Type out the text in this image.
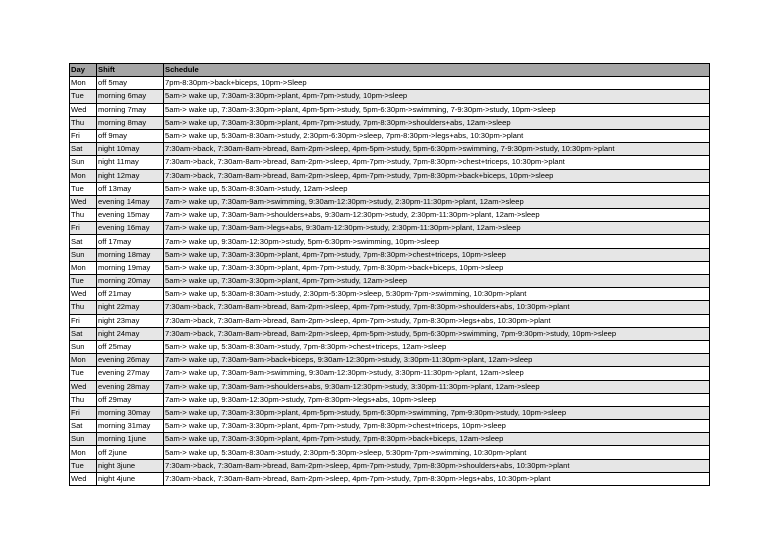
Day	Shift	Schedule
Mon	off 5may	7pm-8:30pm->back+biceps, 10pm->Sleep
Tue	morning 6may	5am-> wake up, 7:30am-3:30pm->plant, 4pm-7pm->study, 10pm->sleep
Wed	morning 7may	5am-> wake up, 7:30am-3:30pm->plant, 4pm-5pm->study, 5pm-6:30pm->swimming, 7-9:30pm->study, 10pm->sleep
Thu	morning 8may	5am-> wake up, 7:30am-3:30pm->plant, 4pm-7pm->study, 7pm-8:30pm->shoulders+abs, 12am->sleep
Fri	off 9may	5am-> wake up, 5:30am-8:30am->study, 2:30pm-6:30pm->sleep, 7pm-8:30pm->legs+abs, 10:30pm->plant
Sat	night 10may	7:30am->back, 7:30am-8am->bread, 8am-2pm->sleep, 4pm-5pm->study, 5pm-6:30pm->swimming, 7-9:30pm->study, 10:30pm->plant
Sun	night 11may	7:30am->back, 7:30am-8am->bread, 8am-2pm->sleep, 4pm-7pm->study, 7pm-8:30pm->chest+triceps, 10:30pm->plant
Mon	night 12may	7:30am->back, 7:30am-8am->bread, 8am-2pm->sleep, 4pm-7pm->study, 7pm-8:30pm->back+biceps, 10pm->sleep
Tue	off 13may	5am-> wake up, 5:30am-8:30am->study, 12am->sleep
Wed	evening 14may	7am-> wake up, 7:30am-9am->swimming, 9:30am-12:30pm->study, 2:30pm-11:30pm->plant, 12am->sleep
Thu	evening 15may	7am-> wake up, 7:30am-9am->shoulders+abs, 9:30am-12:30pm->study, 2:30pm-11:30pm->plant, 12am->sleep
Fri	evening 16may	7am-> wake up, 7:30am-9am->legs+abs, 9:30am-12:30pm->study, 2:30pm-11:30pm->plant, 12am->sleep
Sat	off 17may	7am-> wake up, 9:30am-12:30pm->study, 5pm-6:30pm->swimming, 10pm->sleep
Sun	morning 18may	5am-> wake up, 7:30am-3:30pm->plant, 4pm-7pm->study, 7pm-8:30pm->chest+triceps, 10pm->sleep
Mon	morning 19may	5am-> wake up, 7:30am-3:30pm->plant, 4pm-7pm->study, 7pm-8:30pm->back+biceps, 10pm->sleep
Tue	morning 20may	5am-> wake up, 7:30am-3:30pm->plant, 4pm-7pm->study, 12am->sleep
Wed	off 21may	5am-> wake up, 5:30am-8:30am->study, 2:30pm-5:30pm->sleep, 5:30pm-7pm->swimming, 10:30pm->plant
Thu	night 22may	7:30am->back, 7:30am-8am->bread, 8am-2pm->sleep, 4pm-7pm->study, 7pm-8:30pm->shoulders+abs, 10:30pm->plant
Fri	night 23may	7:30am->back, 7:30am-8am->bread, 8am-2pm->sleep, 4pm-7pm->study, 7pm-8:30pm->legs+abs, 10:30pm->plant
Sat	night 24may	7:30am->back, 7:30am-8am->bread, 8am-2pm->sleep, 4pm-5pm->study, 5pm-6:30pm->swimming, 7pm-9:30pm->study, 10pm->sleep
Sun	off 25may	5am-> wake up, 5:30am-8:30am->study, 7pm-8:30pm->chest+triceps, 12am->sleep
Mon	evening 26may	7am-> wake up, 7:30am-9am->back+biceps, 9:30am-12:30pm->study, 3:30pm-11:30pm->plant, 12am->sleep
Tue	evening 27may	7am-> wake up, 7:30am-9am->swimming, 9:30am-12:30pm->study, 3:30pm-11:30pm->plant, 12am->sleep
Wed	evening 28may	7am-> wake up, 7:30am-9am->shoulders+abs, 9:30am-12:30pm->study, 3:30pm-11:30pm->plant, 12am->sleep
Thu	off 29may	7am-> wake up, 9:30am-12:30pm->study, 7pm-8:30pm->legs+abs, 10pm->sleep
Fri	morning 30may	5am-> wake up, 7:30am-3:30pm->plant, 4pm-5pm->study, 5pm-6:30pm->swimming, 7pm-9:30pm->study, 10pm->sleep
Sat	morning 31may	5am-> wake up, 7:30am-3:30pm->plant, 4pm-7pm->study, 7pm-8:30pm->chest+triceps, 10pm->sleep
Sun	morning 1june	5am-> wake up, 7:30am-3:30pm->plant, 4pm-7pm->study, 7pm-8:30pm->back+biceps, 12am->sleep
Mon	off 2june	5am-> wake up, 5:30am-8:30am->study, 2:30pm-5:30pm->sleep, 5:30pm-7pm->swimming, 10:30pm->plant
Tue	night 3june	7:30am->back, 7:30am-8am->bread, 8am-2pm->sleep, 4pm-7pm->study, 7pm-8:30pm->shoulders+abs, 10:30pm->plant
Wed	night 4june	7:30am->back, 7:30am-8am->bread, 8am-2pm->sleep, 4pm-7pm->study, 7pm-8:30pm->legs+abs, 10:30pm->plant
